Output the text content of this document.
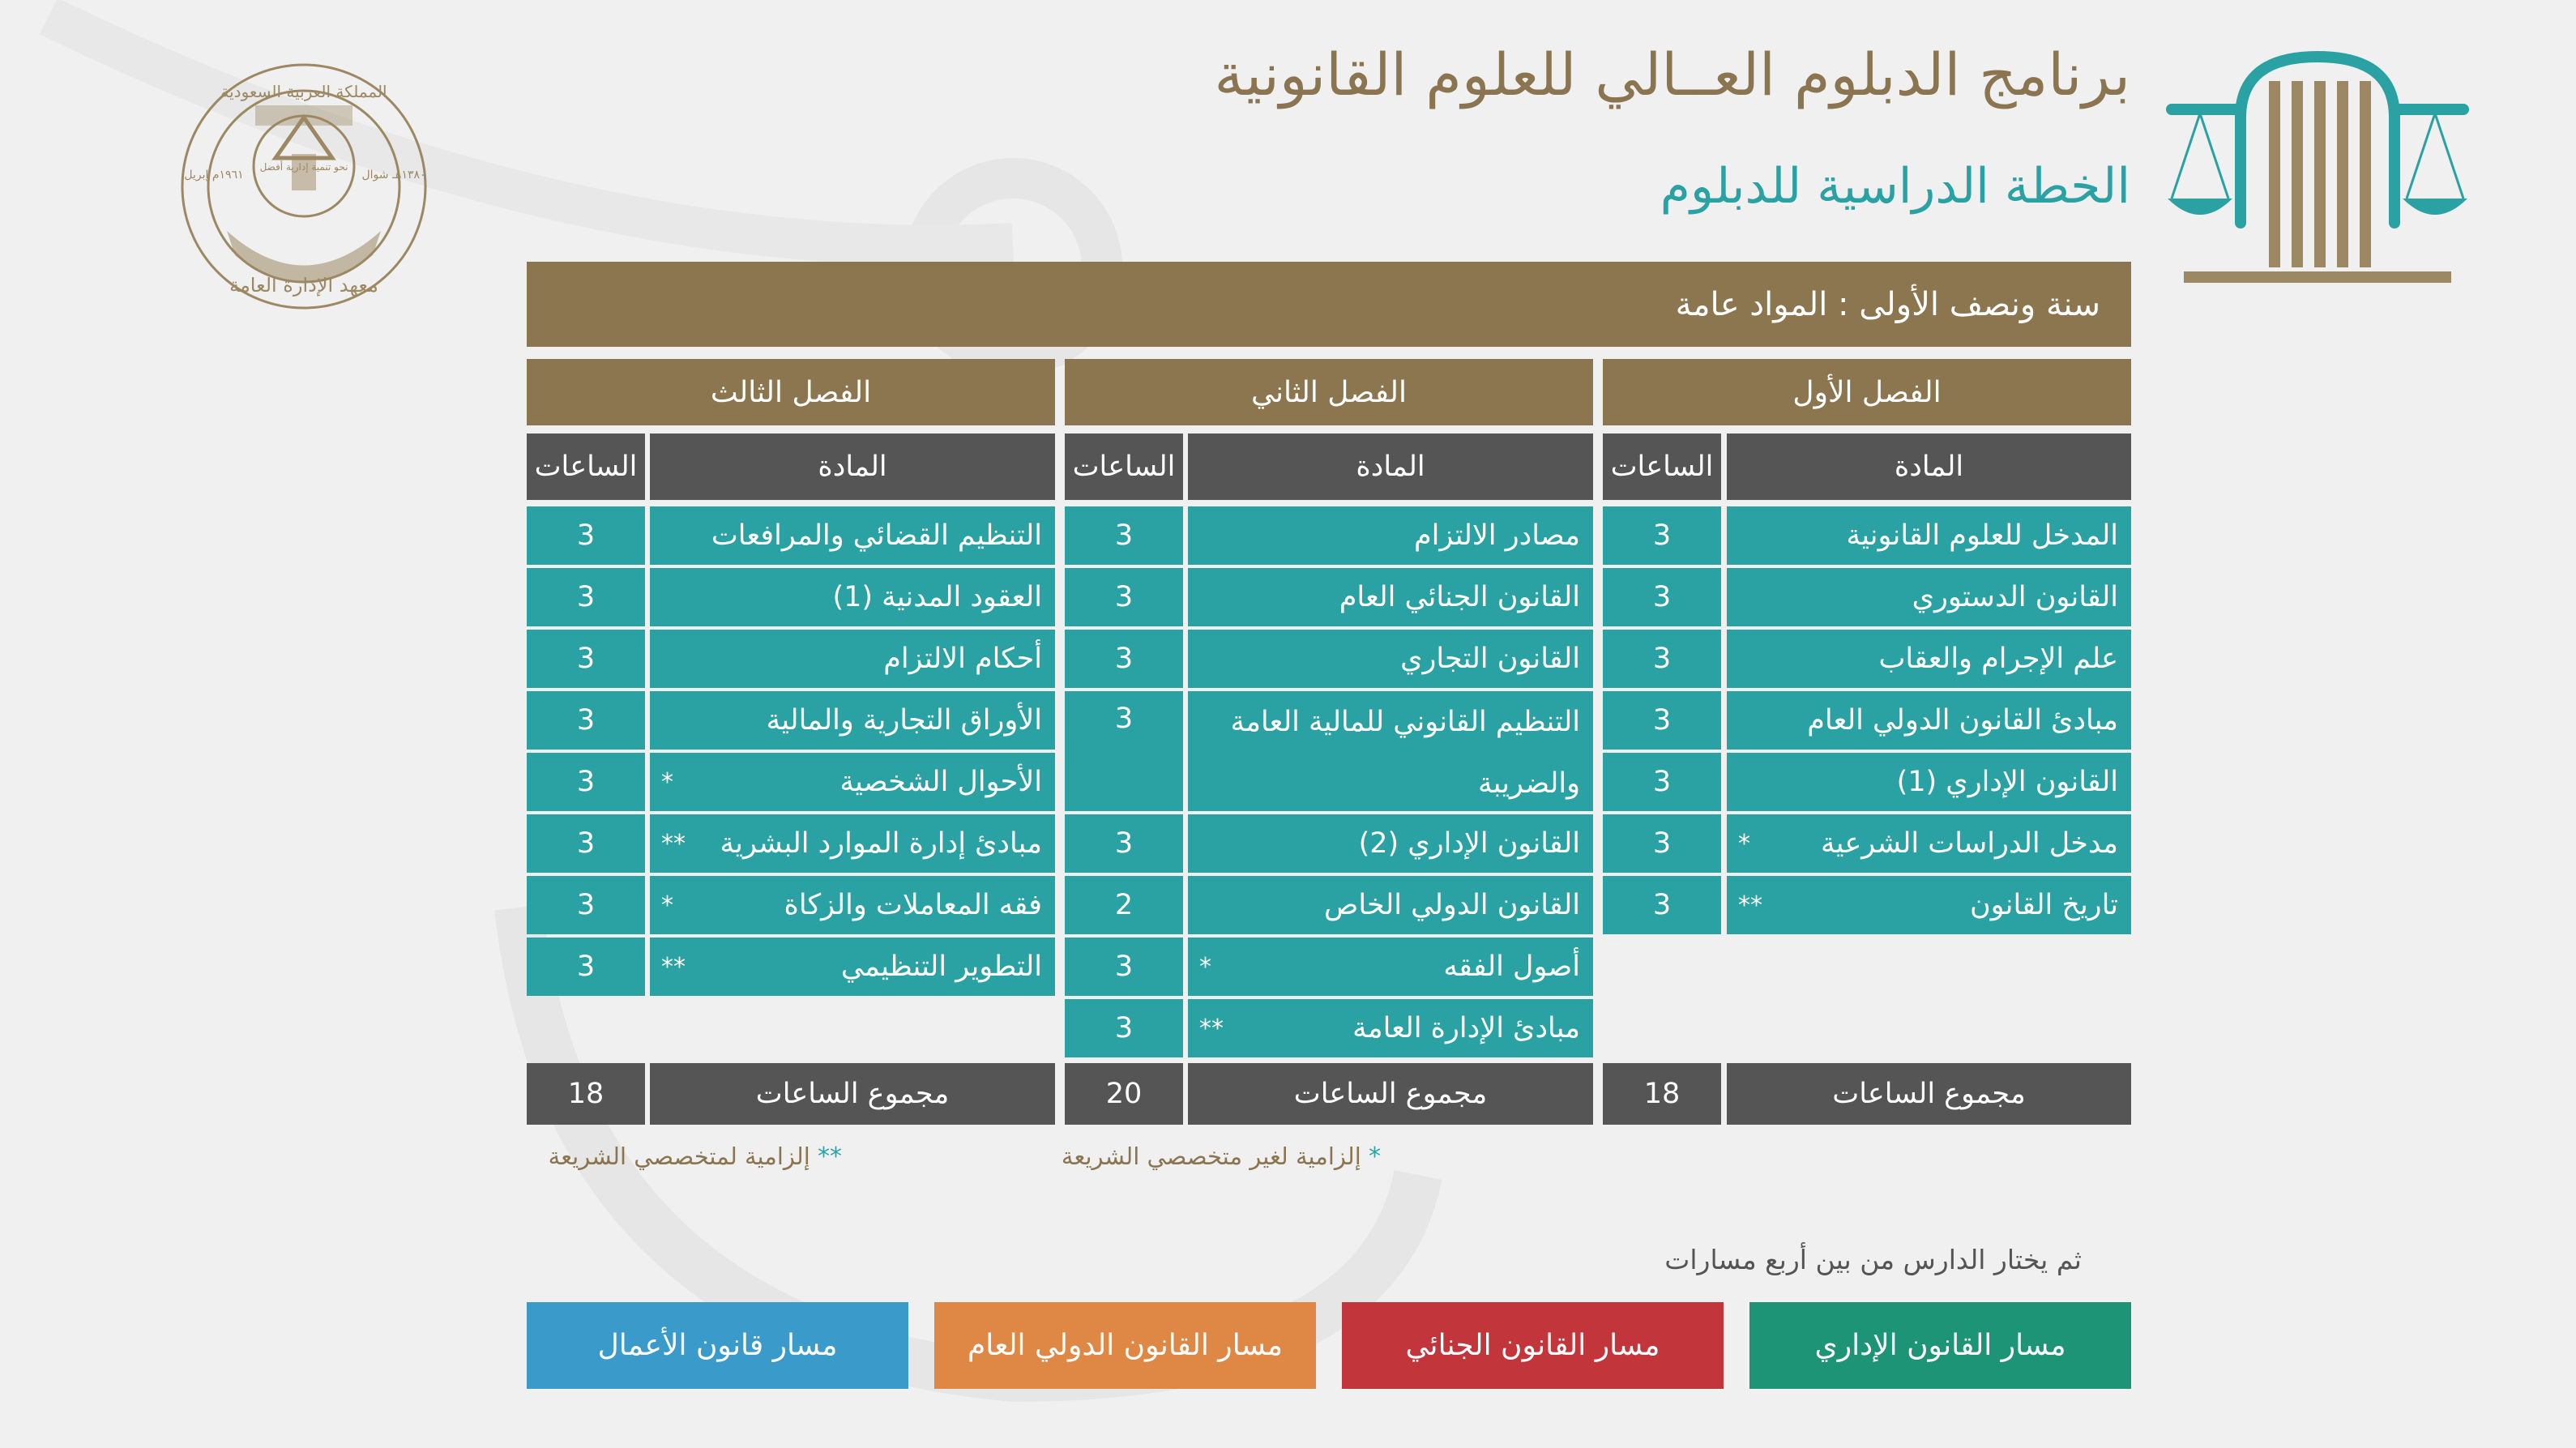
المملكة العربية السعودية
معهد الإدارة العامة
١٩٦١م إبريل	١٣٨٠هـ شوال
نحو تنمية إدارية أفضل
برنامج الدبلوم العــالي للعلوم القانونية
الخطة الدراسية للدبلوم
سنة ونصف الأولى : المواد عامة
الفصل الأول
المادة
الساعات
المدخل للعلوم القانونية
3
القانون الدستوري
3
علم الإجرام والعقاب
3
مبادئ القانون الدولي العام
3
القانون الإداري (1)
3
مدخل الدراسات الشرعية
*
3
تاريخ القانون
**
3
مجموع الساعات
18
الفصل الثاني
المادة
الساعات
مصادر الالتزام
3
القانون الجنائي العام
3
القانون التجاري
3
التنظيم القانوني للمالية العامة والضريبة
3
القانون الإداري (2)
3
القانون الدولي الخاص
2
أصول الفقه
*
3
مبادئ الإدارة العامة
**
3
مجموع الساعات
20
الفصل الثالث
المادة
الساعات
التنظيم القضائي والمرافعات
3
العقود المدنية (1)
3
أحكام الالتزام
3
الأوراق التجارية والمالية
3
الأحوال الشخصية
*
3
مبادئ إدارة الموارد البشرية
**
3
فقه المعاملات والزكاة
*
3
التطوير التنظيمي
**
3
مجموع الساعات
18
* إلزامية لغير متخصصي الشريعة
** إلزامية لمتخصصي الشريعة
ثم يختار الدارس من بين أربع مسارات
مسار القانون الإداري
مسار القانون الجنائي
مسار القانون الدولي العام
مسار قانون الأعمال
